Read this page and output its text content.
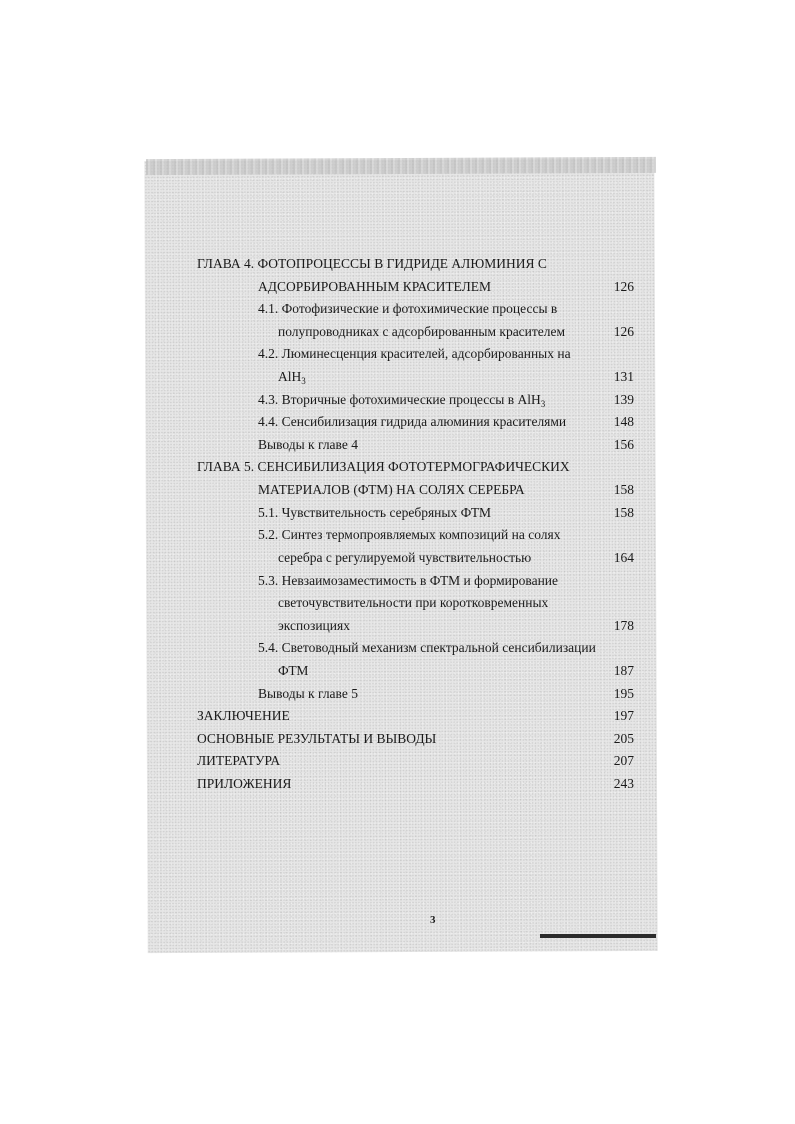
ГЛАВА 4. ФОТОПРОЦЕССЫ В ГИДРИДЕ АЛЮМИНИЯ С
АДСОРБИРОВАННЫМ КРАСИТЕЛЕМ	126
4.1. Фотофизические и фотохимические процессы в
полупроводниках с адсорбированным красителем	126
4.2. Люминесценция красителей, адсорбированных на
AlH$_3$	131
4.3. Вторичные фотохимические процессы в AlH$_3$	139
4.4. Сенсибилизация гидрида алюминия красителями	148
Выводы к главе 4	156
ГЛАВА 5. СЕНСИБИЛИЗАЦИЯ ФОТОТЕРМОГРАФИЧЕСКИХ
МАТЕРИАЛОВ (ФТМ) НА СОЛЯХ СЕРЕБРА	158
5.1. Чувствительность серебряных ФТМ	158
5.2. Синтез термопроявляемых композиций на солях
серебра с регулируемой чувствительностью	164
5.3. Невзаимозаместимость в ФТМ и формирование
светочувствительности при коротковременных
экспозициях	178
5.4. Световодный механизм спектральной сенсибилизации
ФТМ	187
Выводы к главе 5	195
ЗАКЛЮЧЕНИЕ	197
ОСНОВНЫЕ РЕЗУЛЬТАТЫ И ВЫВОДЫ	205
ЛИТЕРАТУРА	207
ПРИЛОЖЕНИЯ	243
3
